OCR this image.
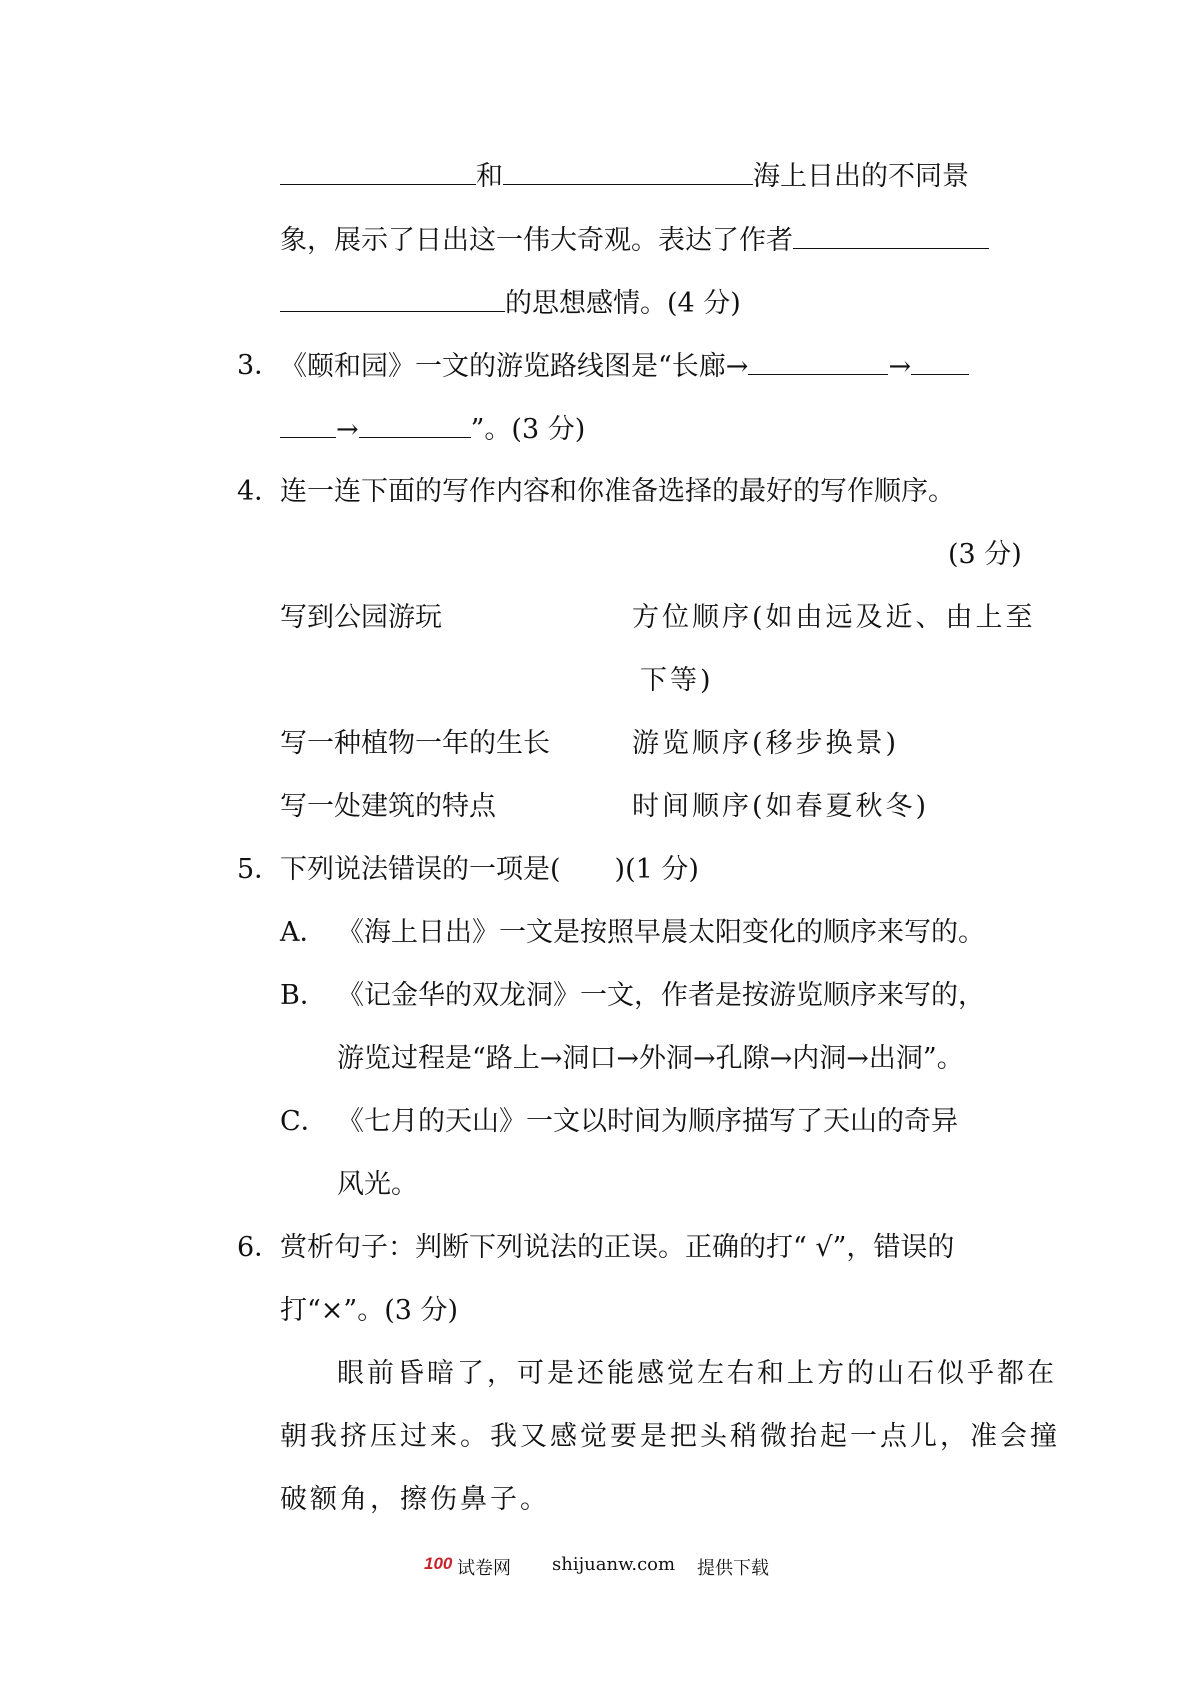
和	海上日出的不同景
象，展示了日出这一伟大奇观。表达了作者
的思想感情。(4 分)
3．
《颐和园》一文的游览路线图是“长廊→	→
→	”。(3 分)
4．
连一连下面的写作内容和你准备选择的最好的写作顺序。
(3 分)
写到公园游玩	方位顺序(如由远及近、由上至
下等)
写一种植物一年的生长	游览顺序(移步换景)
写一处建筑的特点	时间顺序(如春夏秋冬)
5．
下列说法错误的一项是(　　)(1 分)
A． 《海上日出》一文是按照早晨太阳变化的顺序来写的。
B． 《记金华的双龙洞》一文，作者是按游览顺序来写的，
游览过程是“路上→洞口→外洞→孔隙→内洞→出洞”。
C． 《七月的天山》一文以时间为顺序描写了天山的奇异
风光。
6．
赏析句子：判断下列说法的正误。正确的打“ √”，错误的
打“×”。(3 分)
眼前昏暗了，可是还能感觉左右和上方的山石似乎都在
朝我挤压过来。我又感觉要是把头稍微抬起一点儿，准会撞
破额角，擦伤鼻子。
100 试卷网 shijuanw.com 提供下载
